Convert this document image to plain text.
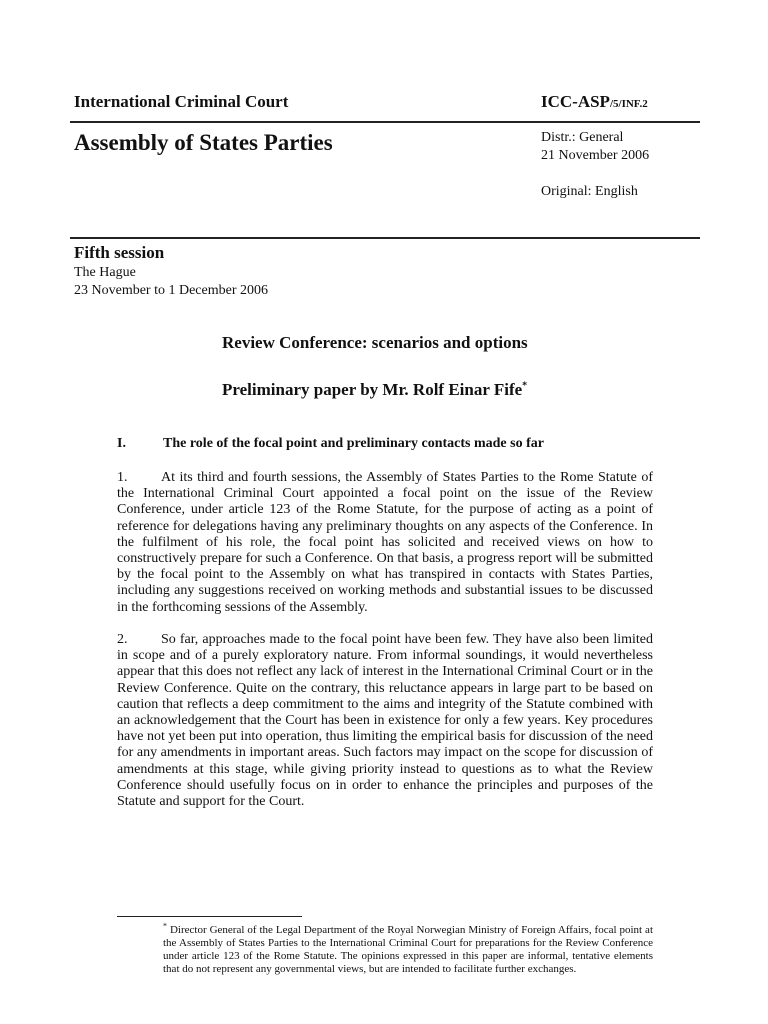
International Criminal Court	ICC-ASP/5/INF.2
Assembly of States Parties	Distr.: General
21 November 2006
Original: English
Fifth session
The Hague
23 November to 1 December 2006
Review Conference: scenarios and options
Preliminary paper by Mr. Rolf Einar Fife*
I.	The role of the focal point and preliminary contacts made so far
1. At its third and fourth sessions, the Assembly of States Parties to the Rome Statute of the International Criminal Court appointed a focal point on the issue of the Review Conference, under article 123 of the Rome Statute, for the purpose of acting as a point of reference for delegations having any preliminary thoughts on any aspects of the Conference. In the fulfilment of his role, the focal point has solicited and received views on how to constructively prepare for such a Conference. On that basis, a progress report will be submitted by the focal point to the Assembly on what has transpired in contacts with States Parties, including any suggestions received on working methods and substantial issues to be discussed in the forthcoming sessions of the Assembly.
2. So far, approaches made to the focal point have been few. They have also been limited in scope and of a purely exploratory nature. From informal soundings, it would nevertheless appear that this does not reflect any lack of interest in the International Criminal Court or in the Review Conference. Quite on the contrary, this reluctance appears in large part to be based on caution that reflects a deep commitment to the aims and integrity of the Statute combined with an acknowledgement that the Court has been in existence for only a few years. Key procedures have not yet been put into operation, thus limiting the empirical basis for discussion of the need for any amendments in important areas. Such factors may impact on the scope for discussion of amendments at this stage, while giving priority instead to questions as to what the Review Conference should usefully focus on in order to enhance the principles and purposes of the Statute and support for the Court.
* Director General of the Legal Department of the Royal Norwegian Ministry of Foreign Affairs, focal point at the Assembly of States Parties to the International Criminal Court for preparations for the Review Conference under article 123 of the Rome Statute. The opinions expressed in this paper are informal, tentative elements that do not represent any governmental views, but are intended to facilitate further exchanges.
